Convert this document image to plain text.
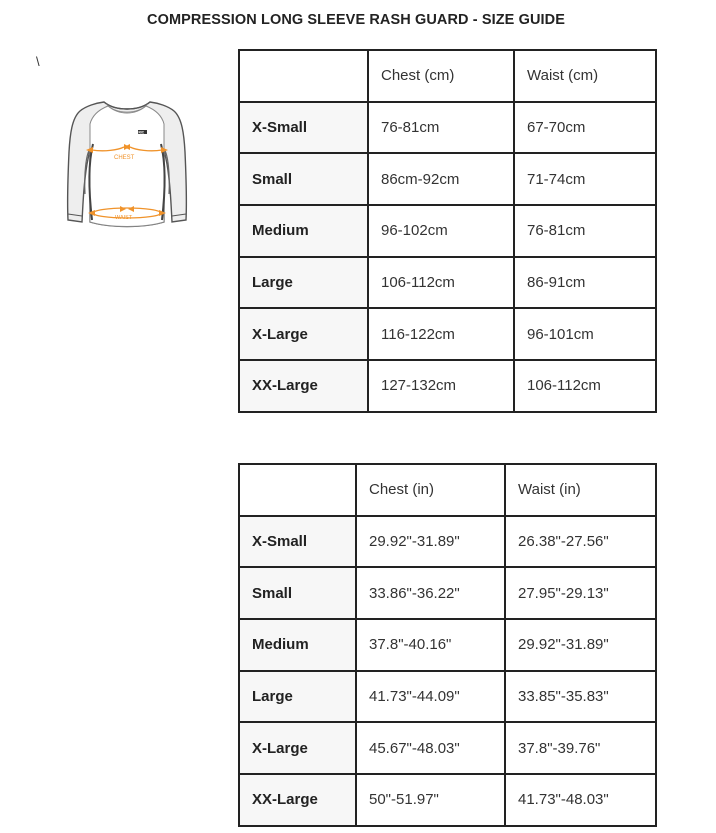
COMPRESSION LONG SLEEVE RASH GUARD - SIZE GUIDE
\
RIC
CHEST
WAIST
	Chest (cm)	Waist (cm)
X-Small	76-81cm	67-70cm
Small	86cm-92cm	71-74cm
Medium	96-102cm	76-81cm
Large	106-112cm	86-91cm
X-Large	116-122cm	96-101cm
XX-Large	127-132cm	106-112cm
	Chest (in)	Waist (in)
X-Small	29.92"-31.89"	26.38"-27.56"
Small	33.86"-36.22"	27.95"-29.13"
Medium	37.8"-40.16"	29.92"-31.89"
Large	41.73"-44.09"	33.85"-35.83"
X-Large	45.67"-48.03"	37.8"-39.76"
XX-Large	50"-51.97"	41.73"-48.03"
